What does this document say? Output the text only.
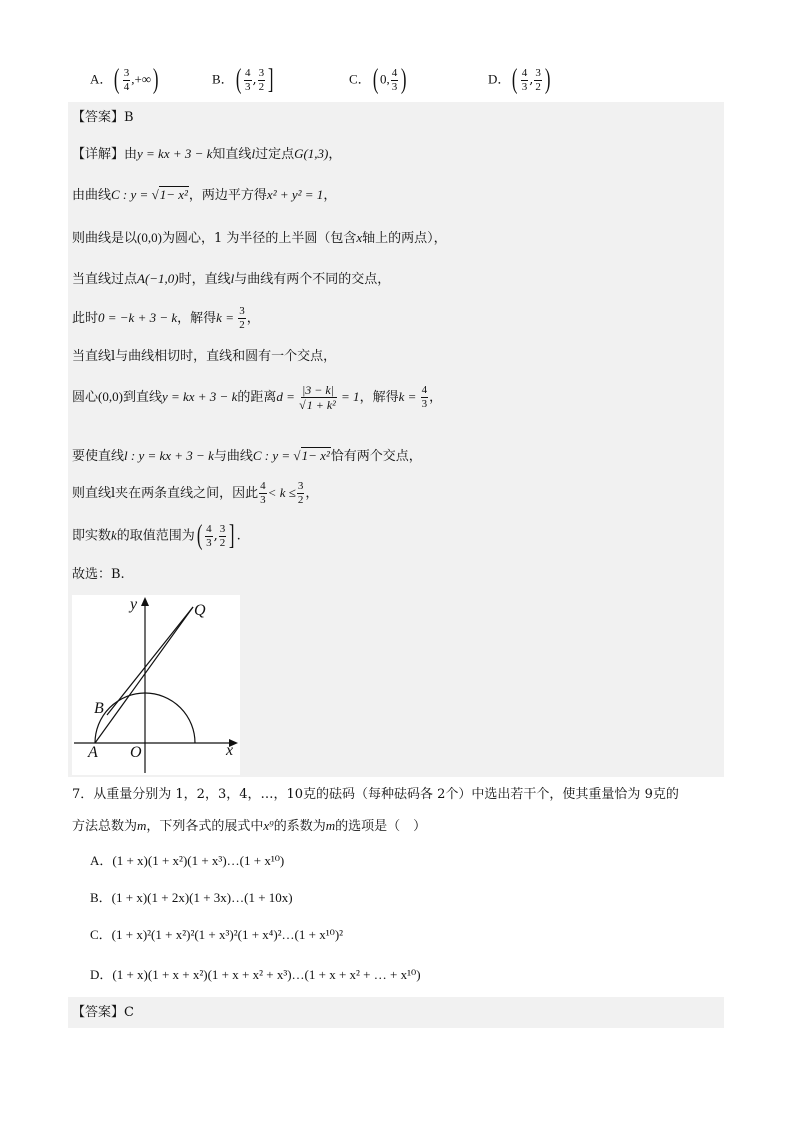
A．( $\frac{3}{4}$ ,+∞)	B．( $\frac{4}{3}$ , $\frac{3}{2}$ ]	C．( 0, $\frac{4}{3}$ )	D．( $\frac{4}{3}$ , $\frac{3}{2}$ )
【答案】B
【详解】由y = kx + 3 − k知直线l过定点G(1,3)，
由曲线C : y = √1− x²，两边平方得x² + y² = 1，
则曲线是以(0,0)为圆心，1 为半径的上半圆（包含x轴上的两点），
当直线过点A(−1,0)时，直线l与曲线有两个不同的交点，
此时0 = −k + 3 − k，解得$k = \frac{3}{2}$ ，
当直线l与曲线相切时，直线和圆有一个交点，
圆心(0,0)到直线y = kx + 3 − k的距离$d = \frac{|3 - k|}{\text{√1 + k²}} = 1$，解得$k = \frac{4}{3}$ ，
要使直线l : y = kx + 3 − k与曲线C : y = √1− x²恰有两个交点，
则直线l夹在两条直线之间，因此 $\frac{4}{3} < k \le \frac{3}{2}$ ，
即实数k的取值范围为( $\frac{4}{3}$ , $\frac{3}{2}$ ] .
故选：B.
y
x
Q
B
A O
7．从重量分别为 1，2，3，4，…，10克的砝码（每种砝码各 2个）中选出若干个，使其重量恰为 9克的
方法总数为m，下列各式的展式中x⁹的系数为m的选项是（　）
A．(1 + x)(1 + x²)(1 + x³)…(1 + x¹⁰)
B．(1 + x)(1 + 2x)(1 + 3x)…(1 + 10x)
C．(1 + x)²(1 + x²)²(1 + x³)²(1 + x⁴)²…(1 + x¹⁰)²
D．(1 + x)(1 + x + x²)(1 + x + x² + x³)…(1 + x + x² + … + x¹⁰)
【答案】C
